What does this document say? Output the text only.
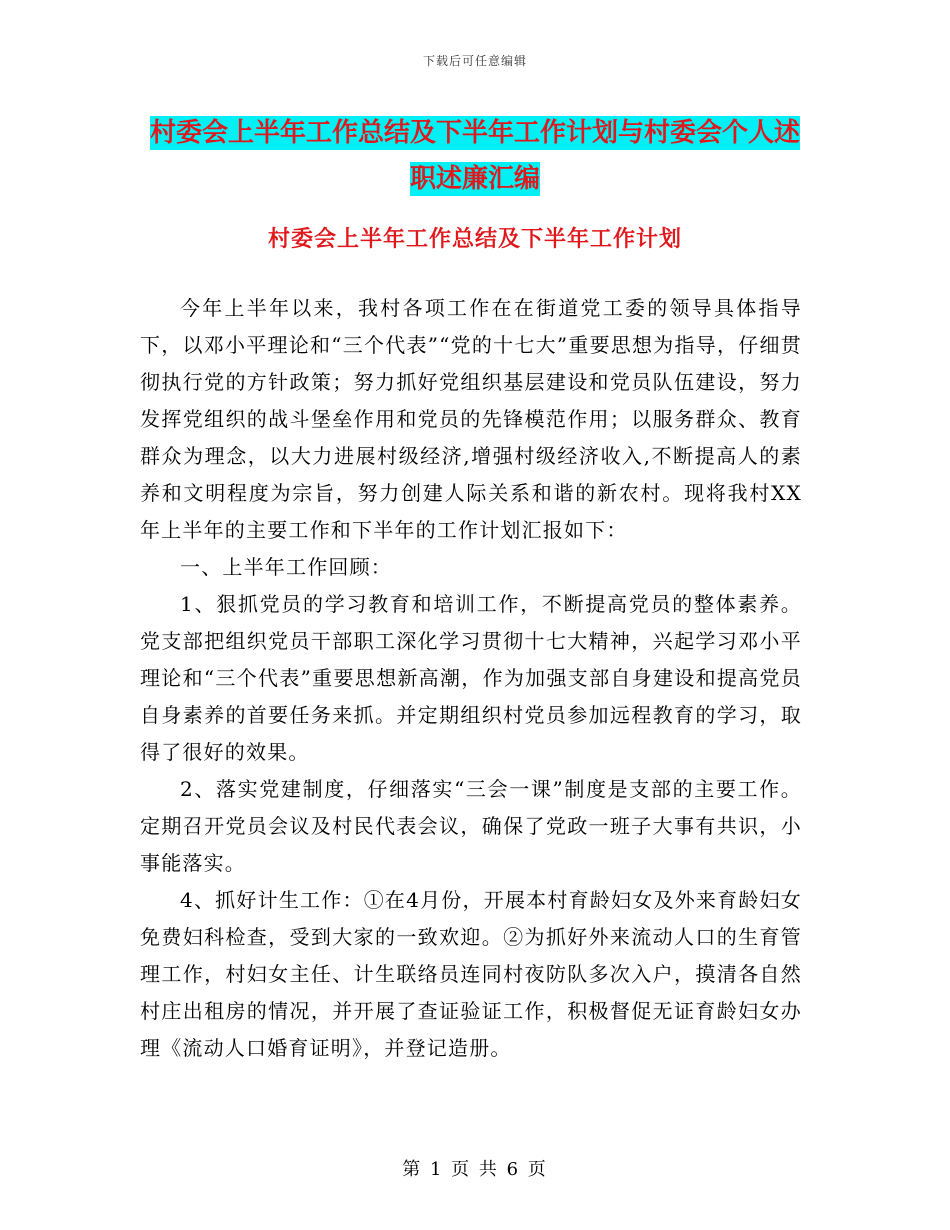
下载后可任意编辑
村委会上半年工作总结及下半年工作计划与村委会个人述职述廉汇编
村委会上半年工作总结及下半年工作计划

今年上半年以来，我村各项工作在在街道党工委的领导具体指导下，以邓小平理论和“三个代表”“党的十七大”重要思想为指导，仔细贯彻执行党的方针政策；努力抓好党组织基层建设和党员队伍建设，努力发挥党组织的战斗堡垒作用和党员的先锋模范作用；以服务群众、教育群众为理念，以大力进展村级经济,增强村级经济收入,不断提高人的素养和文明程度为宗旨，努力创建人际关系和谐的新农村。现将我村XX年上半年的主要工作和下半年的工作计划汇报如下：

一、上半年工作回顾：

1、狠抓党员的学习教育和培训工作，不断提高党员的整体素养。党支部把组织党员干部职工深化学习贯彻十七大精神，兴起学习邓小平理论和“三个代表”重要思想新高潮，作为加强支部自身建设和提高党员自身素养的首要任务来抓。并定期组织村党员参加远程教育的学习，取得了很好的效果。

2、落实党建制度，仔细落实“三会一课”制度是支部的主要工作。定期召开党员会议及村民代表会议，确保了党政一班子大事有共识，小事能落实。

4、抓好计生工作：①在4月份，开展本村育龄妇女及外来育龄妇女免费妇科检查，受到大家的一致欢迎。②为抓好外来流动人口的生育管理工作，村妇女主任、计生联络员连同村夜防队多次入户，摸清各自然村庄出租房的情况，并开展了查证验证工作，积极督促无证育龄妇女办理《流动人口婚育证明》，并登记造册。

第 1 页 共 6 页
